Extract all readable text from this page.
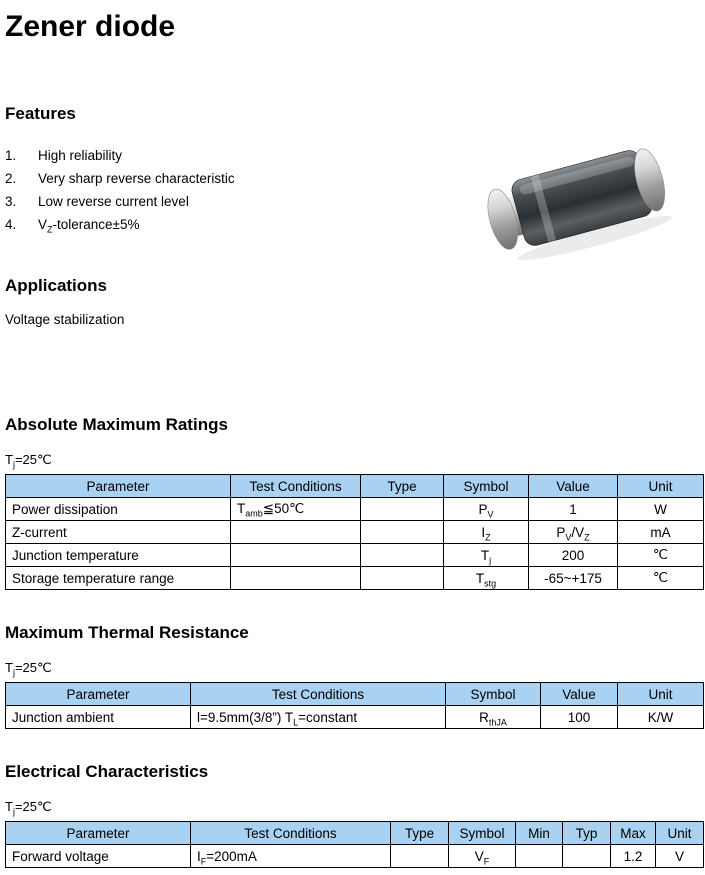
Zener diode
Features
1.	High reliability
2.	Very sharp reverse characteristic
3.	Low reverse current level
4.	$V_Z-tolerance\pm 5\%$
Applications
Voltage stabilization
Absolute Maximum Ratings
$T_j=25℃$
Parameter	Test Conditions	Type	Symbol	Value	Unit
Power dissipation	$T_{amb}≦50℃$		$P_V$	1	W
Z-current			$I_Z$	$P_V/V_Z$	mA
Junction temperature			$T_j$	200	℃
Storage temperature range			$T_{stg}$	-65~+175	℃
Maximum Thermal Resistance
$T_j=25℃$
Parameter	Test Conditions	Symbol	Value	Unit
Junction ambient	l=9.5mm(3/8”) $T_L=constant$	$R_{thJA}$	100	K/W
Electrical Characteristics
$T_j=25℃$
Parameter	Test Conditions	Type	Symbol	Min	Typ	Max	Unit
Forward voltage	$I_F=200mA$		$V_F$			1.2	V
